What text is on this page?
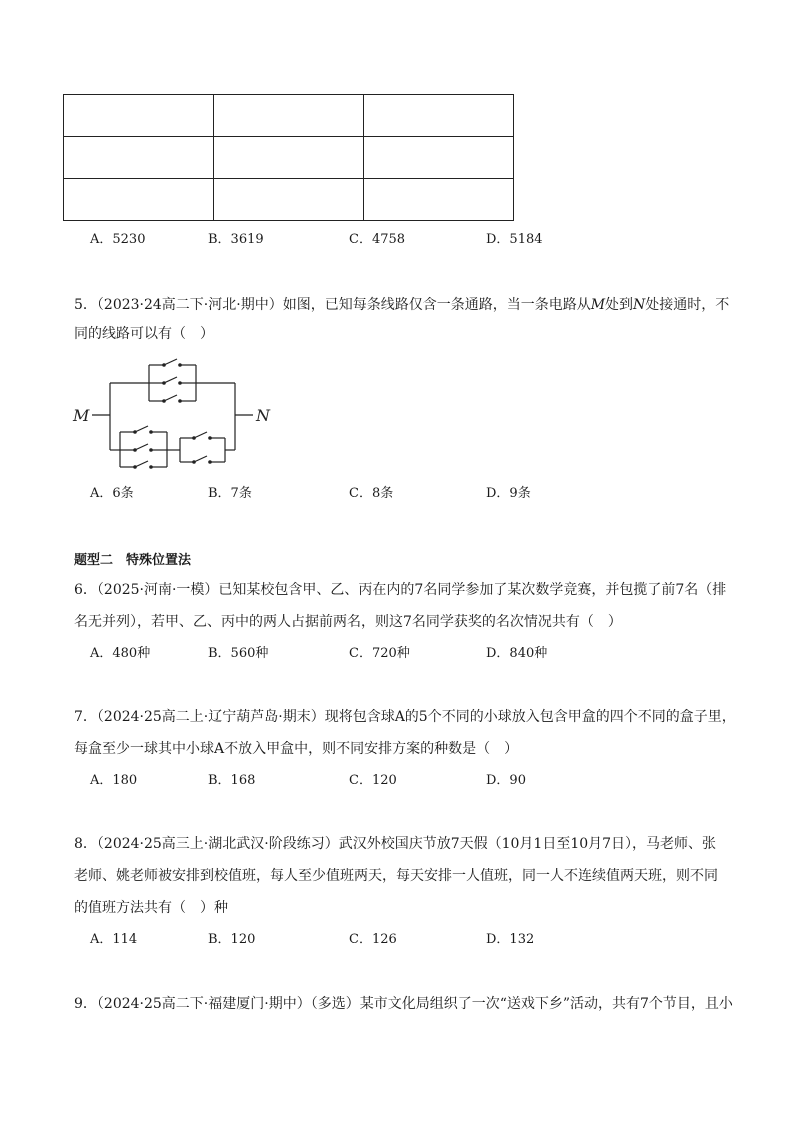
A．5230	B．3619	C．4758	D．5184
5．（2023·24高二下·河北·期中）如图，已知每条线路仅含一条通路，当一条电路从M处到N处接通时，不
同的线路可以有（　）
M	N
A．6条	B．7条	C．8条	D．9条
题型二　特殊位置法
6．（2025·河南·一模）已知某校包含甲、乙、丙在内的7名同学参加了某次数学竞赛，并包揽了前7名（排
名无并列），若甲、乙、丙中的两人占据前两名，则这7名同学获奖的名次情况共有（　）
A．480种	B．560种	C．720种	D．840种
7．（2024·25高二上·辽宁葫芦岛·期末）现将包含球A的5个不同的小球放入包含甲盒的四个不同的盒子里，
每盒至少一球其中小球A不放入甲盒中，则不同安排方案的种数是（　）
A．180	B．168	C．120	D．90
8．（2024·25高三上·湖北武汉·阶段练习）武汉外校国庆节放7天假（10月1日至10月7日），马老师、张
老师、姚老师被安排到校值班，每人至少值班两天，每天安排一人值班，同一人不连续值两天班，则不同
的值班方法共有（　）种
A．114	B．120	C．126	D．132
9．（2024·25高二下·福建厦门·期中）（多选）某市文化局组织了一次“送戏下乡”活动，共有7个节目，且小
